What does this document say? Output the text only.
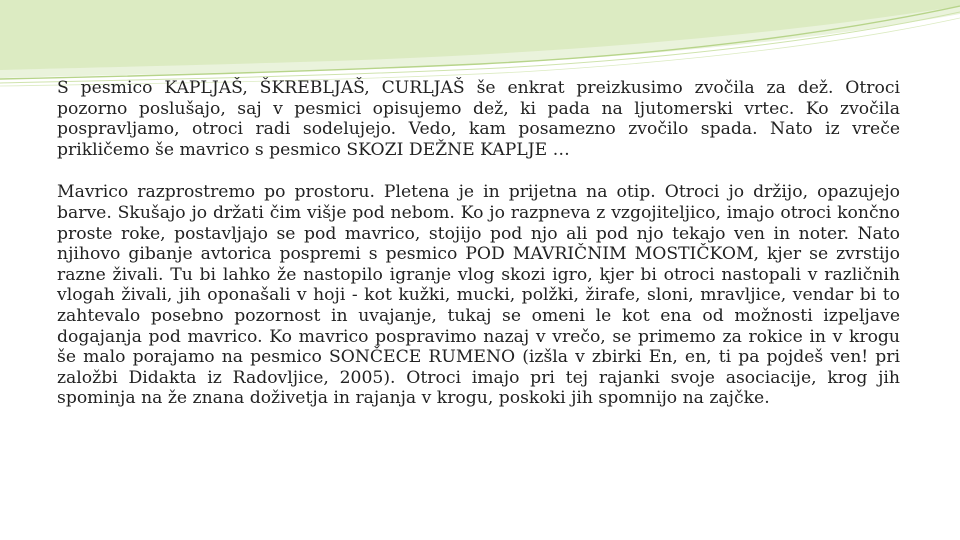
S pesmico KAPLJAŠ, ŠKREBLJAŠ, CURLJAŠ še enkrat preizkusimo zvočila za dež. Otroci pozorno poslušajo, saj v pesmici opisujemo dež, ki pada na ljutomerski vrtec. Ko zvočila pospravljamo, otroci radi sodelujejo. Vedo, kam posamezno zvočilo spada. Nato iz vreče prikličemo še mavrico s pesmico SKOZI DEŽNE KAPLJE …

Mavrico razprostremo po prostoru. Pletena je in prijetna na otip. Otroci jo držijo, opazujejo barve. Skušajo jo držati čim višje pod nebom. Ko jo razpneva z vzgojiteljico, imajo otroci končno proste roke, postavljajo se pod mavrico, stojijo pod njo ali pod njo tekajo ven in noter. Nato njihovo gibanje avtorica pospremi s pesmico POD MAVRIČNIM MOSTIČKOM, kjer se zvrstijo razne živali. Tu bi lahko že nastopilo igranje vlog skozi igro, kjer bi otroci nastopali v različnih vlogah živali, jih oponašali v hoji - kot kužki, mucki, polžki, žirafe, sloni, mravljice, vendar bi to zahtevalo posebno pozornost in uvajanje, tukaj se omeni le kot ena od možnosti izpeljave dogajanja pod mavrico. Ko mavrico pospravimo nazaj v vrečo, se primemo za rokice in v krogu še malo porajamo na pesmico SONČECE RUMENO (izšla v zbirki En, en, ti pa pojdeš ven! pri založbi Didakta iz Radovljice, 2005). Otroci imajo pri tej rajanki svoje asociacije, krog jih spominja na že znana doživetja in rajanja v krogu, poskoki jih spomnijo na zajčke.
